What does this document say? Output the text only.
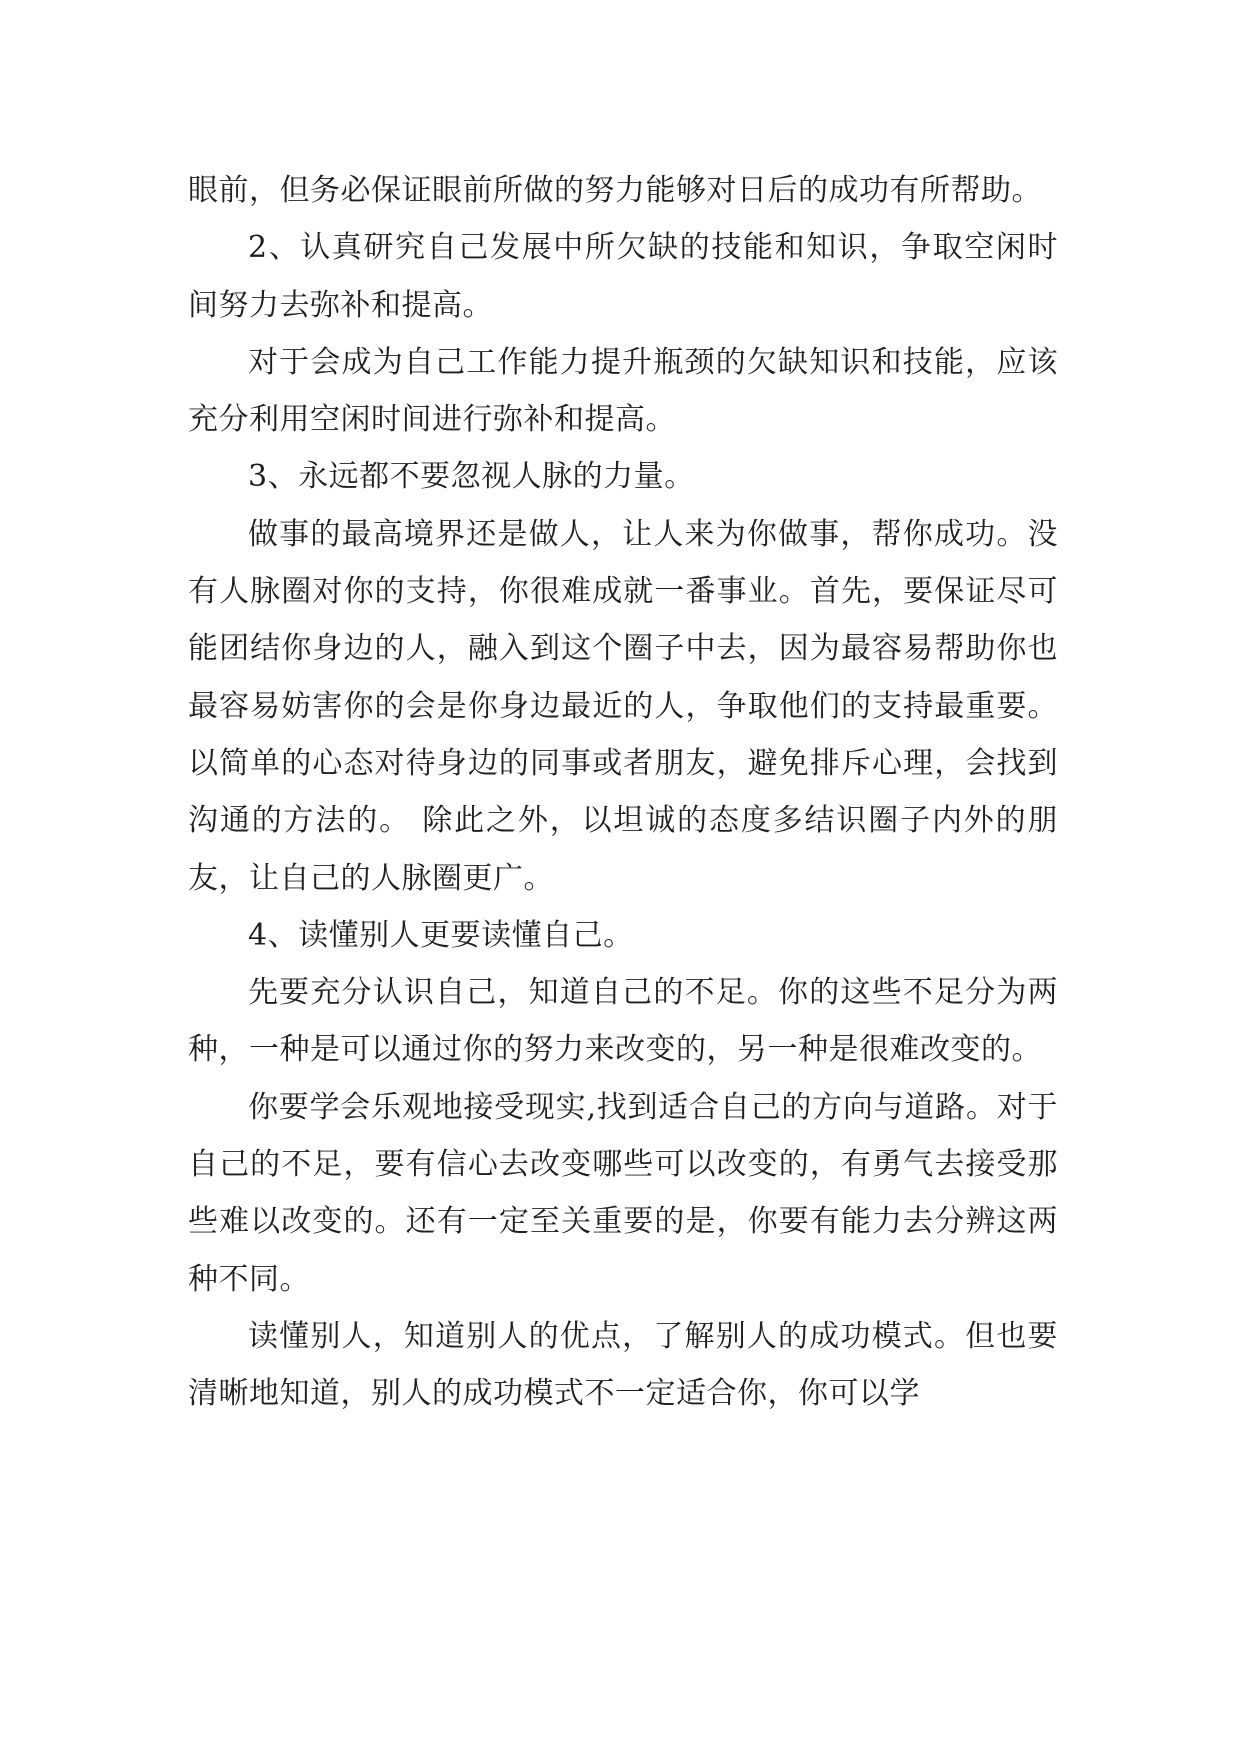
眼前，但务必保证眼前所做的努力能够对日后的成功有所帮助。

2、认真研究自己发展中所欠缺的技能和知识，争取空闲时间努力去弥补和提高。

对于会成为自己工作能力提升瓶颈的欠缺知识和技能，应该充分利用空闲时间进行弥补和提高。

3、永远都不要忽视人脉的力量。

做事的最高境界还是做人，让人来为你做事，帮你成功。没有人脉圈对你的支持，你很难成就一番事业。首先，要保证尽可能团结你身边的人，融入到这个圈子中去，因为最容易帮助你也最容易妨害你的会是你身边最近的人，争取他们的支持最重要。以简单的心态对待身边的同事或者朋友，避免排斥心理，会找到沟通的方法的。 除此之外，以坦诚的态度多结识圈子内外的朋友，让自己的人脉圈更广。

4、读懂别人更要读懂自己。

先要充分认识自己，知道自己的不足。你的这些不足分为两种，一种是可以通过你的努力来改变的，另一种是很难改变的。

你要学会乐观地接受现实,找到适合自己的方向与道路。对于自己的不足，要有信心去改变哪些可以改变的，有勇气去接受那些难以改变的。还有一定至关重要的是，你要有能力去分辨这两种不同。

读懂别人，知道别人的优点，了解别人的成功模式。但也要清晰地知道，别人的成功模式不一定适合你，你可以学
